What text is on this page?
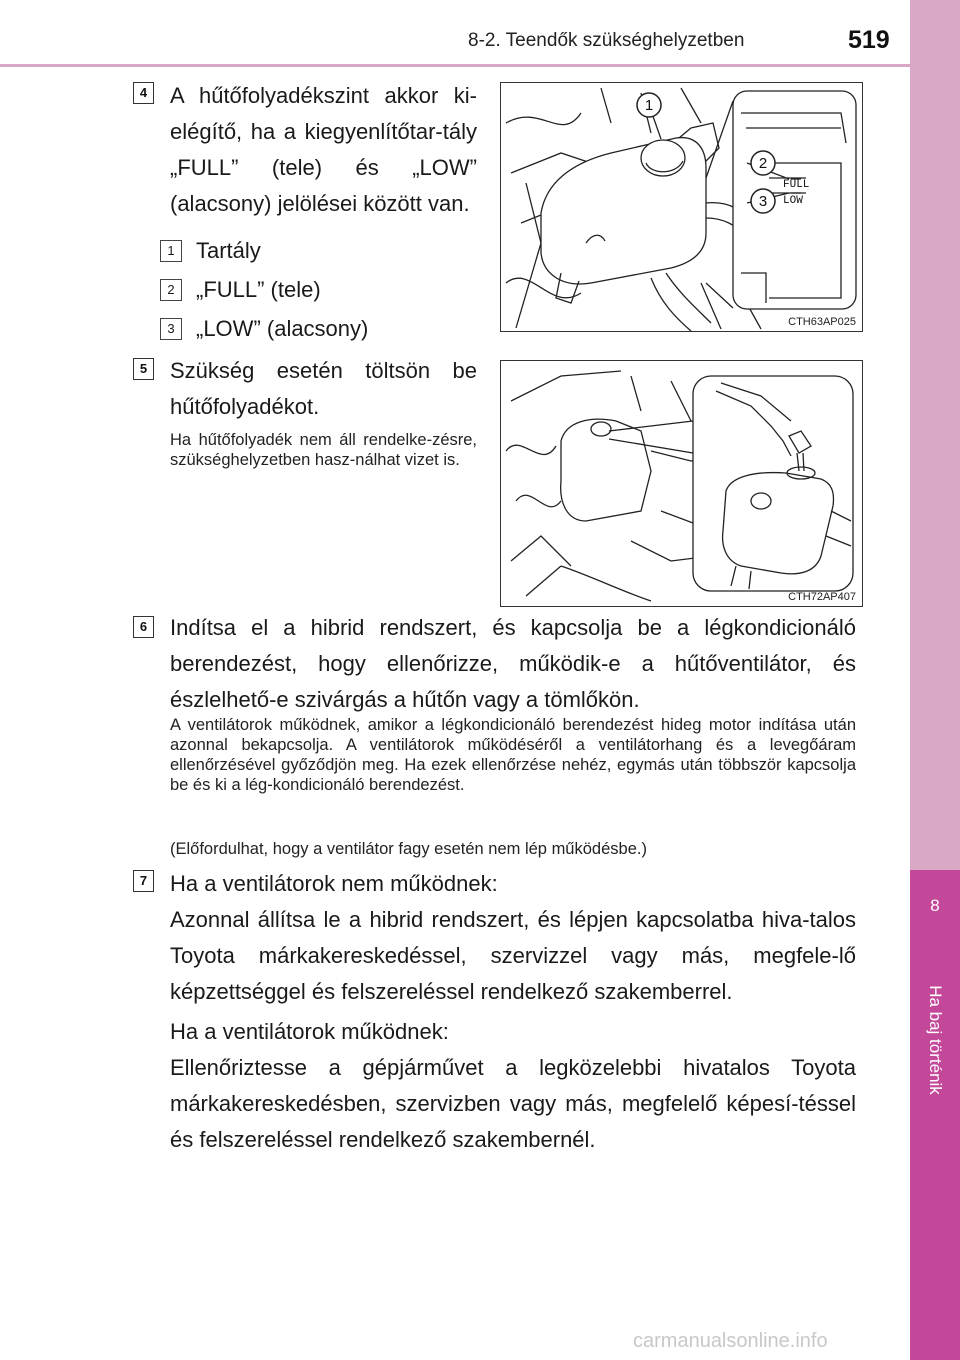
8-2. Teendők szükséghelyzetben	519
8
Ha baj történik
4	A hűtőfolyadékszint akkor ki-elégítő, ha a kiegyenlítőtar-tály „FULL” (tele) és „LOW” (alacsony) jelölései között van.
1 Tartály
2 „FULL” (tele)
3 „LOW” (alacsony)
1
2
3
FULL
LOW
CTH63AP025
5	Szükség esetén töltsön be hűtőfolyadékot.
Ha hűtőfolyadék nem áll rendelke-zésre, szükséghelyzetben hasz-nálhat vizet is.
CTH72AP407
6	Indítsa el a hibrid rendszert, és kapcsolja be a légkondicionáló berendezést, hogy ellenőrizze, működik-e a hűtőventilátor, és észlelhető-e szivárgás a hűtőn vagy a tömlőkön.
A ventilátorok működnek, amikor a légkondicionáló berendezést hideg motor indítása után azonnal bekapcsolja. A ventilátorok működéséről a ventilátorhang és a levegőáram ellenőrzésével győződjön meg. Ha ezek ellenőrzése nehéz, egymás után többször kapcsolja be és ki a lég-kondicionáló berendezést.
(Előfordulhat, hogy a ventilátor fagy esetén nem lép működésbe.)
7	Ha a ventilátorok nem működnek:
Azonnal állítsa le a hibrid rendszert, és lépjen kapcsolatba hiva-talos Toyota márkakereskedéssel, szervizzel vagy más, megfele-lő képzettséggel és felszereléssel rendelkező szakemberrel.
Ha a ventilátorok működnek:
Ellenőriztesse a gépjárművet a legközelebbi hivatalos Toyota márkakereskedésben, szervizben vagy más, megfelelő képesí-téssel és felszereléssel rendelkező szakembernél.
carmanualsonline.info
